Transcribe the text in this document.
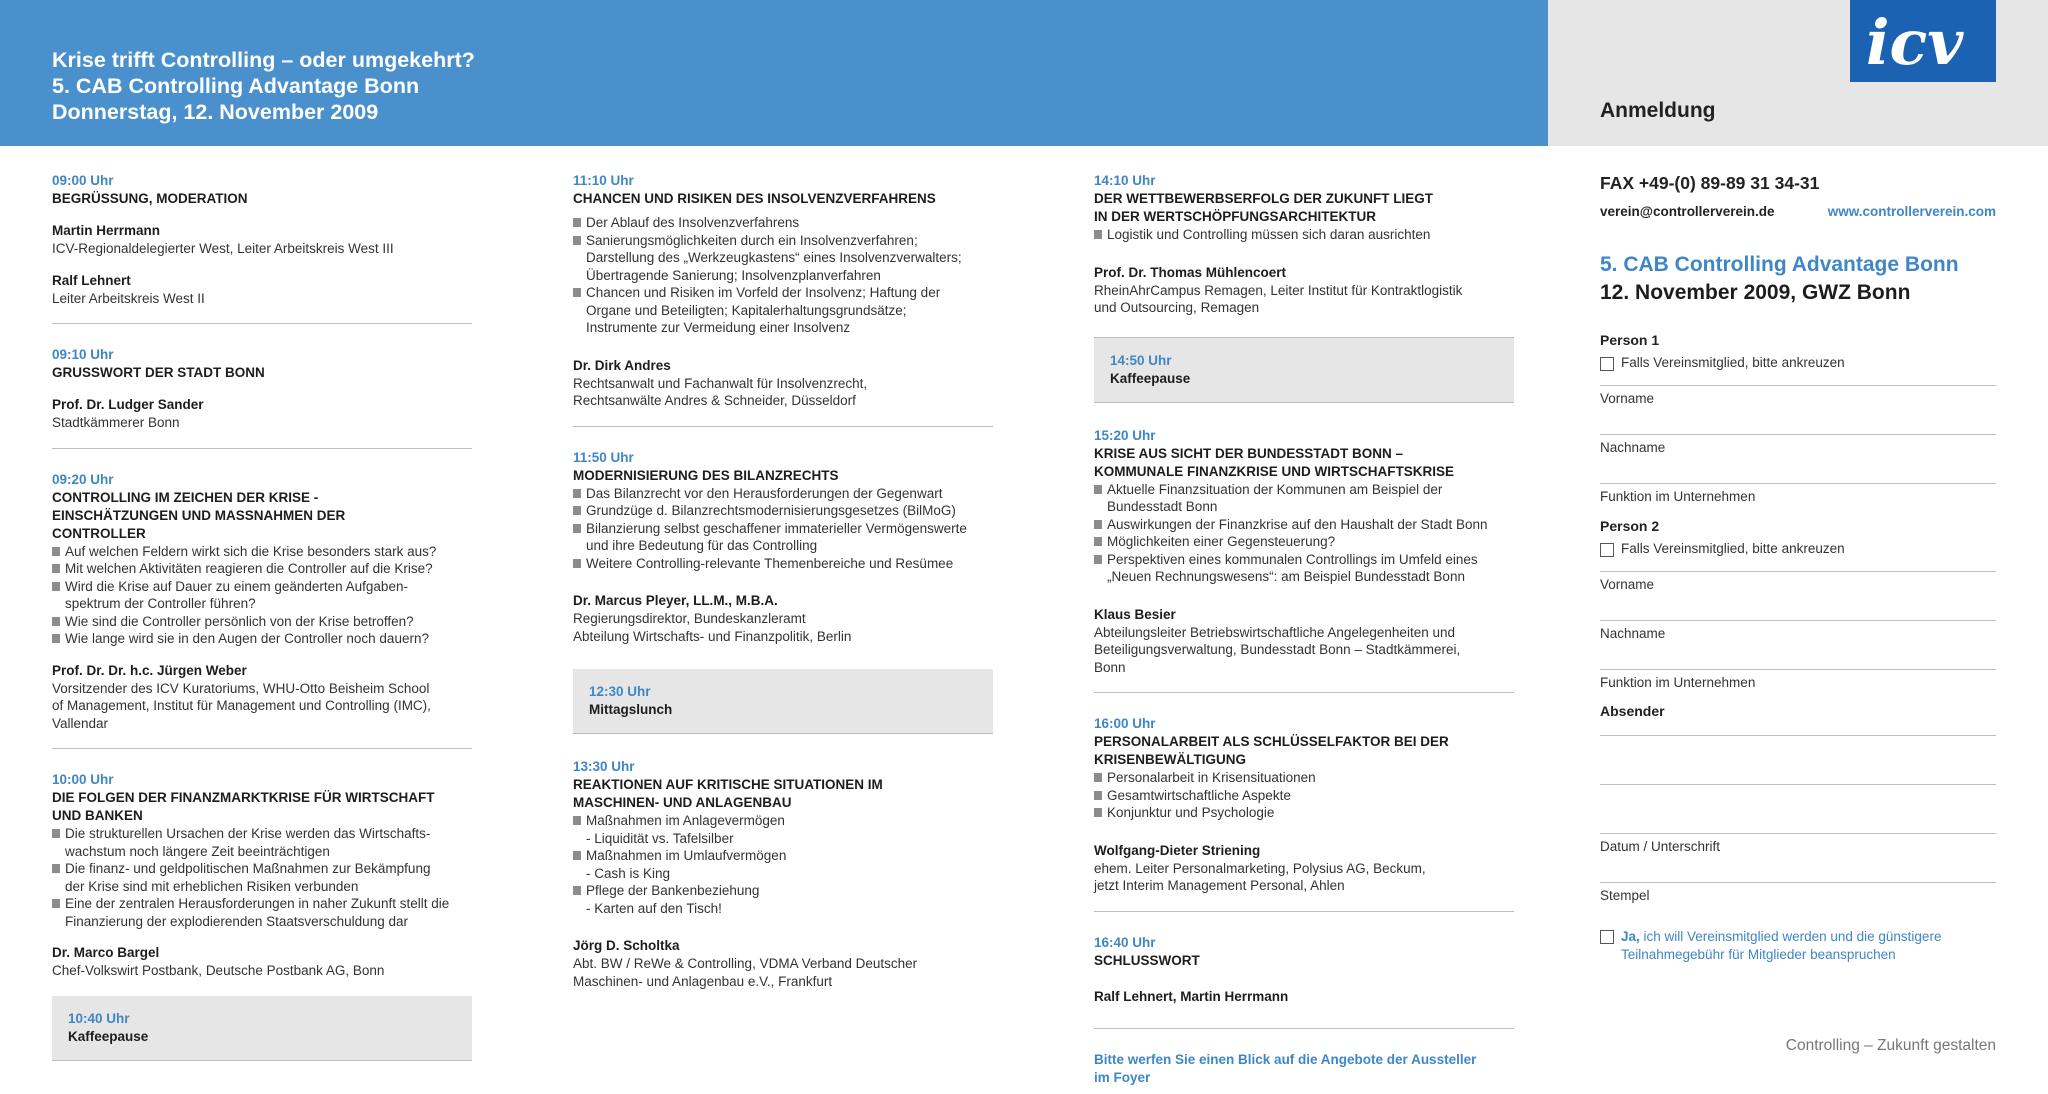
Krise trifft Controlling – oder umgekehrt?
5. CAB Controlling Advantage Bonn
Donnerstag, 12. November 2009
icv
Anmeldung
09:00 Uhr
BEGRÜSSUNG, MODERATION
Martin Herrmann
ICV-Regionaldelegierter West, Leiter Arbeitskreis West III
Ralf Lehnert
Leiter Arbeitskreis West II
09:10 Uhr
GRUSSWORT DER STADT BONN
Prof. Dr. Ludger Sander
Stadtkämmerer Bonn
09:20 Uhr
CONTROLLING IM ZEICHEN DER KRISE -
EINSCHÄTZUNGEN UND MASSNAHMEN DER
CONTROLLER
Auf welchen Feldern wirkt sich die Krise besonders stark aus?
Mit welchen Aktivitäten reagieren die Controller auf die Krise?
Wird die Krise auf Dauer zu einem geänderten Aufgaben-
spektrum der Controller führen?
Wie sind die Controller persönlich von der Krise betroffen?
Wie lange wird sie in den Augen der Controller noch dauern?
Prof. Dr. Dr. h.c. Jürgen Weber
Vorsitzender des ICV Kuratoriums, WHU-Otto Beisheim School
of Management, Institut für Management und Controlling (IMC),
Vallendar
10:00 Uhr
DIE FOLGEN DER FINANZMARKTKRISE FÜR WIRTSCHAFT
UND BANKEN
Die strukturellen Ursachen der Krise werden das Wirtschafts-
wachstum noch längere Zeit beeinträchtigen
Die finanz- und geldpolitischen Maßnahmen zur Bekämpfung
der Krise sind mit erheblichen Risiken verbunden
Eine der zentralen Herausforderungen in naher Zukunft stellt die
Finanzierung der explodierenden Staatsverschuldung dar
Dr. Marco Bargel
Chef-Volkswirt Postbank, Deutsche Postbank AG, Bonn
10:40 Uhr
Kaffeepause
11:10 Uhr
CHANCEN UND RISIKEN DES INSOLVENZVERFAHRENS
Der Ablauf des Insolvenzverfahrens
Sanierungsmöglichkeiten durch ein Insolvenzverfahren;
Darstellung des „Werkzeugkastens“ eines Insolvenzverwalters;
Übertragende Sanierung; Insolvenzplanverfahren
Chancen und Risiken im Vorfeld der Insolvenz; Haftung der
Organe und Beteiligten; Kapitalerhaltungsgrundsätze;
Instrumente zur Vermeidung einer Insolvenz
Dr. Dirk Andres
Rechtsanwalt und Fachanwalt für Insolvenzrecht,
Rechtsanwälte Andres & Schneider, Düsseldorf
11:50 Uhr
MODERNISIERUNG DES BILANZRECHTS
Das Bilanzrecht vor den Herausforderungen der Gegenwart
Grundzüge d. Bilanzrechtsmodernisierungsgesetzes (BilMoG)
Bilanzierung selbst geschaffener immaterieller Vermögenswerte
und ihre Bedeutung für das Controlling
Weitere Controlling-relevante Themenbereiche und Resümee
Dr. Marcus Pleyer, LL.M., M.B.A.
Regierungsdirektor, Bundeskanzleramt
Abteilung Wirtschafts- und Finanzpolitik, Berlin
12:30 Uhr
Mittagslunch
13:30 Uhr
REAKTIONEN AUF KRITISCHE SITUATIONEN IM
MASCHINEN- UND ANLAGENBAU
Maßnahmen im Anlagevermögen
- Liquidität vs. Tafelsilber
Maßnahmen im Umlaufvermögen
- Cash is King
Pflege der Bankenbeziehung
- Karten auf den Tisch!
Jörg D. Scholtka
Abt. BW / ReWe & Controlling, VDMA Verband Deutscher
Maschinen- und Anlagenbau e.V., Frankfurt
14:10 Uhr
DER WETTBEWERBSERFOLG DER ZUKUNFT LIEGT
IN DER WERTSCHÖPFUNGSARCHITEKTUR
Logistik und Controlling müssen sich daran ausrichten
Prof. Dr. Thomas Mühlencoert
RheinAhrCampus Remagen, Leiter Institut für Kontraktlogistik
und Outsourcing, Remagen
14:50 Uhr
Kaffeepause
15:20 Uhr
KRISE AUS SICHT DER BUNDESSTADT BONN –
KOMMUNALE FINANZKRISE UND WIRTSCHAFTSKRISE
Aktuelle Finanzsituation der Kommunen am Beispiel der
Bundesstadt Bonn
Auswirkungen der Finanzkrise auf den Haushalt der Stadt Bonn
Möglichkeiten einer Gegensteuerung?
Perspektiven eines kommunalen Controllings im Umfeld eines
„Neuen Rechnungswesens“: am Beispiel Bundesstadt Bonn
Klaus Besier
Abteilungsleiter Betriebswirtschaftliche Angelegenheiten und
Beteiligungsverwaltung, Bundesstadt Bonn – Stadtkämmerei,
Bonn
16:00 Uhr
PERSONALARBEIT ALS SCHLÜSSELFAKTOR BEI DER
KRISENBEWÄLTIGUNG
Personalarbeit in Krisensituationen
Gesamtwirtschaftliche Aspekte
Konjunktur und Psychologie
Wolfgang-Dieter Striening
ehem. Leiter Personalmarketing, Polysius AG, Beckum,
jetzt Interim Management Personal, Ahlen
16:40 Uhr
SCHLUSSWORT
Ralf Lehnert, Martin Herrmann
Bitte werfen Sie einen Blick auf die Angebote der Aussteller
im Foyer
FAX +49-(0) 89-89 31 34-31
verein@controllerverein.de	www.controllerverein.com
5. CAB Controlling Advantage Bonn
12. November 2009, GWZ Bonn
Person 1
Falls Vereinsmitglied, bitte ankreuzen
Vorname
Nachname
Funktion im Unternehmen
Person 2
Falls Vereinsmitglied, bitte ankreuzen
Vorname
Nachname
Funktion im Unternehmen
Absender
Datum / Unterschrift
Stempel
Ja, ich will Vereinsmitglied werden und die günstigere
Teilnahmegebühr für Mitglieder beanspruchen
Controlling – Zukunft gestalten
